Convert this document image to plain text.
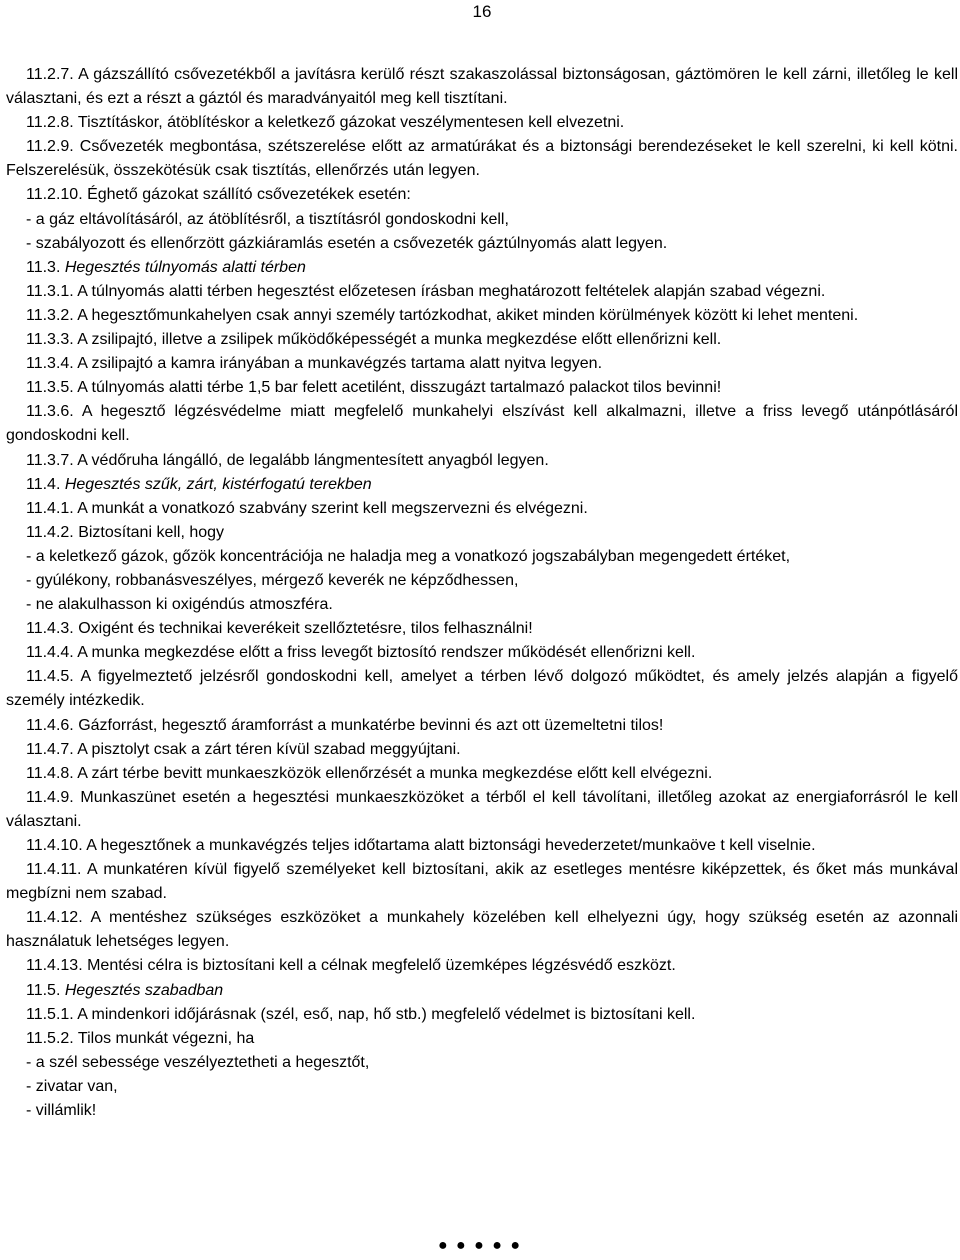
16

11.2.7. A gázszállító csővezetékből a javításra kerülő részt szakaszolással biztonságosan, gáztömören le kell zárni, illetőleg le kell választani, és ezt a részt a gáztól és maradványaitól meg kell tisztítani.

11.2.8. Tisztításkor, átöblítéskor a keletkező gázokat veszélymentesen kell elvezetni.

11.2.9. Csővezeték megbontása, szétszerelése előtt az armatúrákat és a biztonsági berendezéseket le kell szerelni, ki kell kötni. Felszerelésük, összekötésük csak tisztítás, ellenőrzés után legyen.

11.2.10. Éghető gázokat szállító csővezetékek esetén:

- a gáz eltávolításáról, az átöblítésről, a tisztításról gondoskodni kell,

- szabályozott és ellenőrzött gázkiáramlás esetén a csővezeték gáztúlnyomás alatt legyen.

11.3. Hegesztés túlnyomás alatti térben

11.3.1. A túlnyomás alatti térben hegesztést előzetesen írásban meghatározott feltételek alapján szabad végezni.

11.3.2. A hegesztőmunkahelyen csak annyi személy tartózkodhat, akiket minden körülmények között ki lehet menteni.

11.3.3. A zsilipajtó, illetve a zsilipek működőképességét a munka megkezdése előtt ellenőrizni kell.

11.3.4. A zsilipajtó a kamra irányában a munkavégzés tartama alatt nyitva legyen.

11.3.5. A túlnyomás alatti térbe 1,5 bar felett acetilént, disszugázt tartalmazó palackot tilos bevinni!

11.3.6. A hegesztő légzésvédelme miatt megfelelő munkahelyi elszívást kell alkalmazni, illetve a friss levegő utánpótlásáról gondoskodni kell.

11.3.7. A védőruha lángálló, de legalább lángmentesített anyagból legyen.

11.4. Hegesztés szűk, zárt, kistérfogatú terekben

11.4.1. A munkát a vonatkozó szabvány szerint kell megszervezni és elvégezni.

11.4.2. Biztosítani kell, hogy

- a keletkező gázok, gőzök koncentrációja ne haladja meg a vonatkozó jogszabályban megengedett értéket,

- gyúlékony, robbanásveszélyes, mérgező keverék ne képződhessen,

- ne alakulhasson ki oxigéndús atmoszféra.

11.4.3. Oxigént és technikai keverékeit szellőztetésre, tilos felhasználni!

11.4.4. A munka megkezdése előtt a friss levegőt biztosító rendszer működését ellenőrizni kell.

11.4.5. A figyelmeztető jelzésről gondoskodni kell, amelyet a térben lévő dolgozó működtet, és amely jelzés alapján a figyelő személy intézkedik.

11.4.6. Gázforrást, hegesztő áramforrást a munkatérbe bevinni és azt ott üzemeltetni tilos!

11.4.7. A pisztolyt csak a zárt téren kívül szabad meggyújtani.

11.4.8. A zárt térbe bevitt munkaeszközök ellenőrzését a munka megkezdése előtt kell elvégezni.

11.4.9. Munkaszünet esetén a hegesztési munkaeszközöket a térből el kell távolítani, illetőleg azokat az energiaforrásról le kell választani.

11.4.10. A hegesztőnek a munkavégzés teljes időtartama alatt biztonsági hevederzetet/munkaöve t kell viselnie.

11.4.11. A munkatéren kívül figyelő személyeket kell biztosítani, akik az esetleges mentésre kiképzettek, és őket más munkával megbízni nem szabad.

11.4.12. A mentéshez szükséges eszközöket a munkahely közelében kell elhelyezni úgy, hogy szükség esetén az azonnali használatuk lehetséges legyen.

11.4.13. Mentési célra is biztosítani kell a célnak megfelelő üzemképes légzésvédő eszközt.

11.5. Hegesztés szabadban

11.5.1. A mindenkori időjárásnak (szél, eső, nap, hő stb.) megfelelő védelmet is biztosítani kell.

11.5.2. Tilos munkát végezni, ha

- a szél sebessége veszélyeztetheti a hegesztőt,

- zivatar van,

- villámlik!

● ● ● ● ●
